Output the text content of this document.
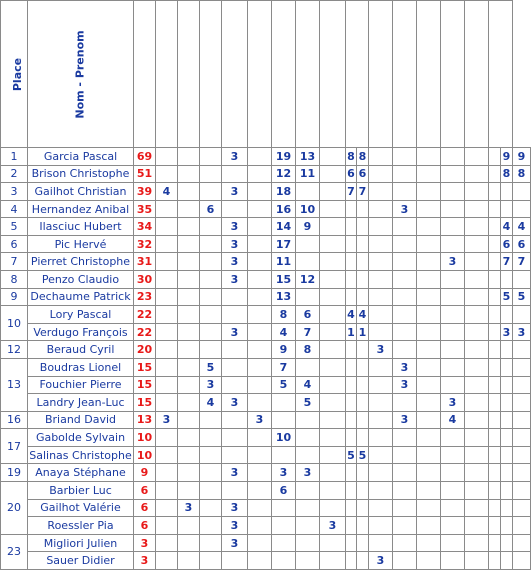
Place	Nom - Prenom																
1	Garcia Pascal	69				3		19	13		8	8							9	9
2	Brison Christophe	51						12	11		6	6							8	8
3	Gailhot Christian	39	4			3		18			7	7								
4	Hernandez Anibal	35			6			16	10					3						
5	Ilasciuc Hubert	34				3		14	9										4	4
6	Pic Hervé	32				3		17											6	6
7	Pierret Christophe	31				3		11								3			7	7
8	Penzo Claudio	30				3		15	12											
9	Dechaume Patrick	23						13											5	5
10	Lory Pascal	22						8	6		4	4								
	Verdugo François	22				3		4	7		1	1							3	3
12	Beraud Cyril	20						9	8				3							
13	Boudras Lionel	15			5			7						3						
	Fouchier Pierre	15			3			5	4					3						
	Landry Jean-Luc	15			4	3			5							3				
16	Briand David	13	3				3							3		4				
17	Gabolde Sylvain	10						10												
	Salinas Christophe	10									5	5								
19	Anaya Stéphane	9				3		3	3											
20	Barbier Luc	6						6												
	Gailhot Valérie	6		3		3														
	Roessler Pia	6				3				3										
23	Migliori Julien	3				3														
	Sauer Didier	3											3							
